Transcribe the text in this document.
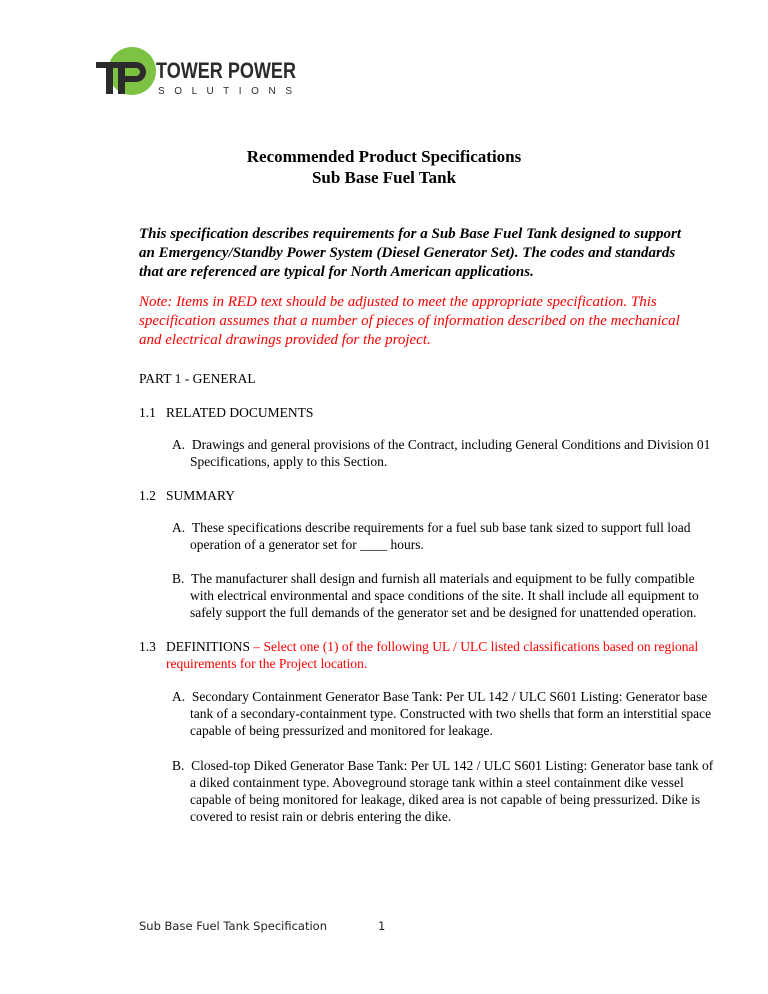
TOWER POWER
S O L U T I O N S
Recommended Product Specifications
Sub Base Fuel Tank
This specification describes requirements for a Sub Base Fuel Tank designed to support an Emergency/Standby Power System (Diesel Generator Set). The codes and standards that are referenced are typical for North American applications.
Note: Items in RED text should be adjusted to meet the appropriate specification. This specification assumes that a number of pieces of information described on the mechanical and electrical drawings provided for the project.
PART 1 - GENERAL
1.1 RELATED DOCUMENTS
A. Drawings and general provisions of the Contract, including General Conditions and Division 01 Specifications, apply to this Section.
1.2 SUMMARY
A. These specifications describe requirements for a fuel sub base tank sized to support full load operation of a generator set for ____ hours.
B. The manufacturer shall design and furnish all materials and equipment to be fully compatible with electrical environmental and space conditions of the site. It shall include all equipment to safely support the full demands of the generator set and be designed for unattended operation.
1.3 DEFINITIONS – Select one (1) of the following UL / ULC listed classifications based on regional requirements for the Project location.
A. Secondary Containment Generator Base Tank: Per UL 142 / ULC S601 Listing: Generator base tank of a secondary-containment type. Constructed with two shells that form an interstitial space capable of being pressurized and monitored for leakage.
B. Closed-top Diked Generator Base Tank: Per UL 142 / ULC S601 Listing: Generator base tank of a diked containment type. Aboveground storage tank within a steel containment dike vessel capable of being monitored for leakage, diked area is not capable of being pressurized. Dike is covered to resist rain or debris entering the dike.
Sub Base Fuel Tank Specification	1
